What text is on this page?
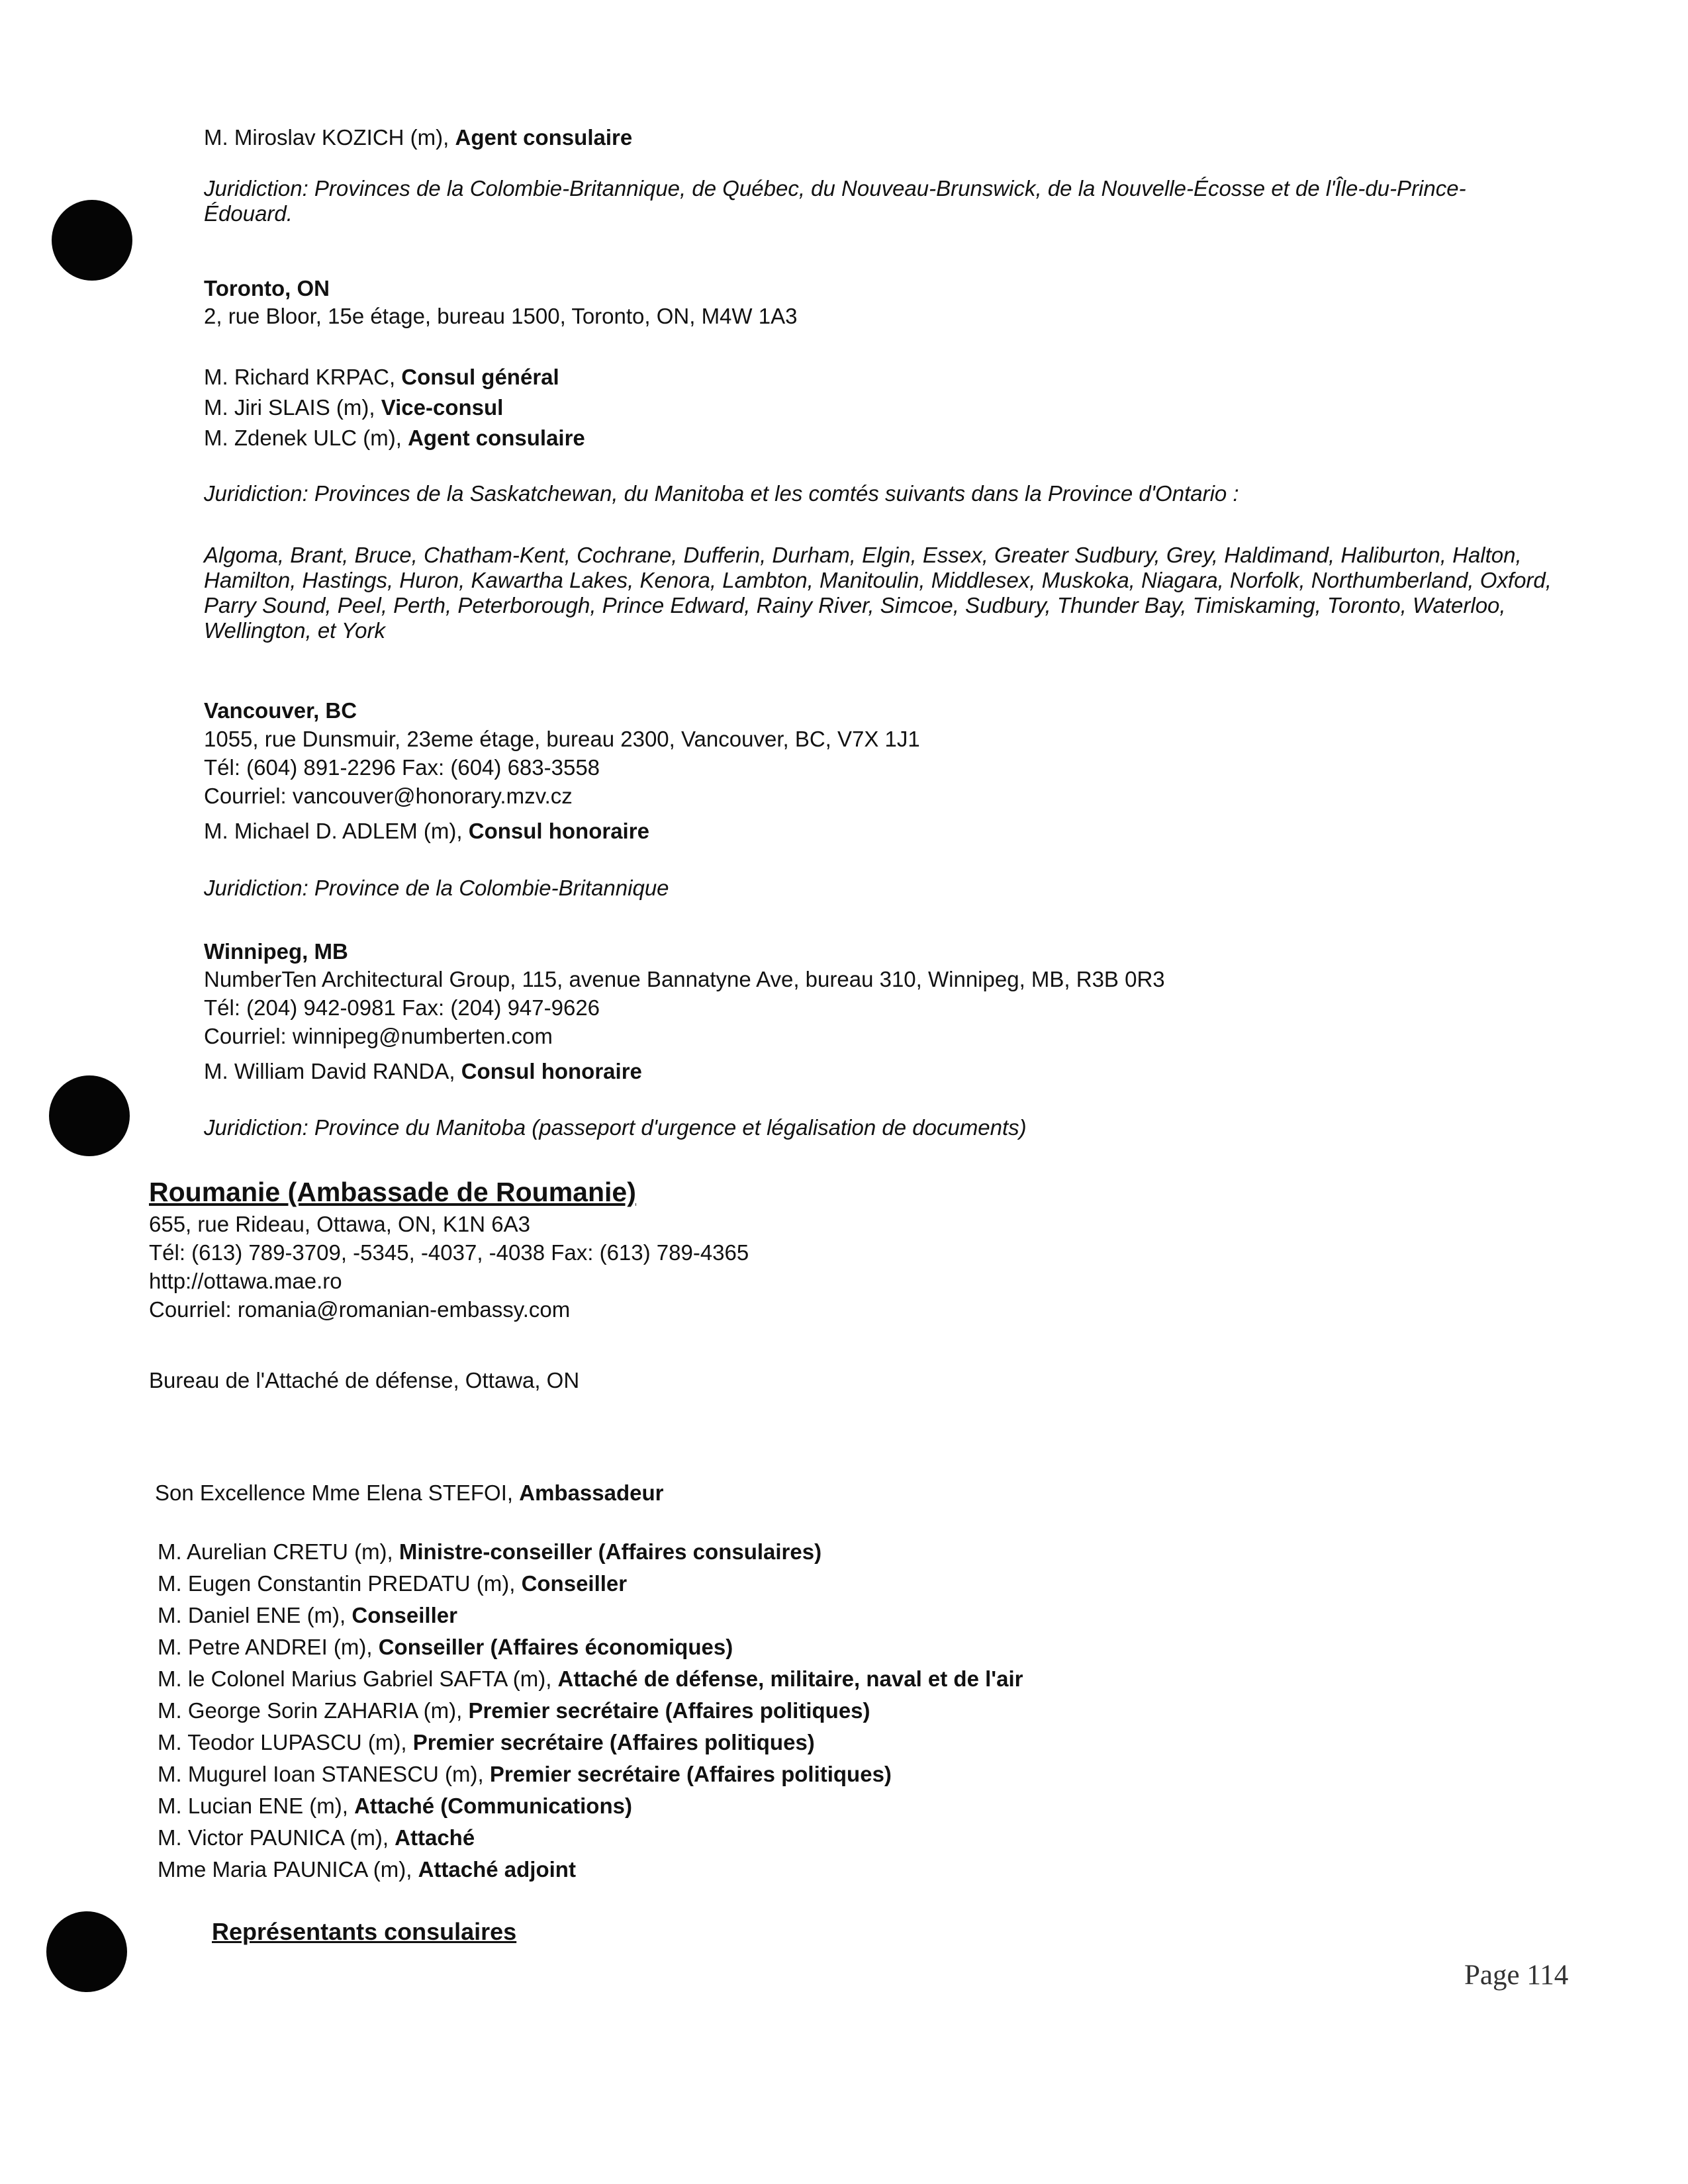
M. Miroslav KOZICH (m), Agent consulaire
Juridiction: Provinces de la Colombie-Britannique, de Québec, du Nouveau-Brunswick, de la Nouvelle-Écosse et de l'Île-du-Prince-Édouard.
Toronto, ON
2, rue Bloor, 15e étage, bureau 1500, Toronto, ON, M4W 1A3
M. Richard KRPAC, Consul général
M. Jiri SLAIS (m), Vice-consul
M. Zdenek ULC (m), Agent consulaire
Juridiction: Provinces de la Saskatchewan, du Manitoba et les comtés suivants dans la Province d'Ontario :
Algoma, Brant, Bruce, Chatham-Kent, Cochrane, Dufferin, Durham, Elgin, Essex, Greater Sudbury, Grey, Haldimand, Haliburton, Halton, Hamilton, Hastings, Huron, Kawartha Lakes, Kenora, Lambton, Manitoulin, Middlesex, Muskoka, Niagara, Norfolk, Northumberland, Oxford, Parry Sound, Peel, Perth, Peterborough, Prince Edward, Rainy River, Simcoe, Sudbury, Thunder Bay, Timiskaming, Toronto, Waterloo, Wellington, et York
Vancouver, BC
1055, rue Dunsmuir, 23eme étage, bureau 2300, Vancouver, BC, V7X 1J1
Tél: (604) 891-2296 Fax: (604) 683-3558
Courriel: vancouver@honorary.mzv.cz
M. Michael D. ADLEM (m), Consul honoraire
Juridiction: Province de la Colombie-Britannique
Winnipeg, MB
NumberTen Architectural Group, 115, avenue Bannatyne Ave, bureau 310, Winnipeg, MB, R3B 0R3
Tél: (204) 942-0981 Fax: (204) 947-9626
Courriel: winnipeg@numberten.com
M. William David RANDA, Consul honoraire
Juridiction: Province du Manitoba (passeport d'urgence et légalisation de documents)
Roumanie (Ambassade de Roumanie)
655, rue Rideau, Ottawa, ON, K1N 6A3
Tél: (613) 789-3709, -5345, -4037, -4038 Fax: (613) 789-4365
http://ottawa.mae.ro
Courriel: romania@romanian-embassy.com
Bureau de l'Attaché de défense, Ottawa, ON
Son Excellence Mme Elena STEFOI, Ambassadeur
M. Aurelian CRETU (m), Ministre-conseiller (Affaires consulaires)
M. Eugen Constantin PREDATU (m), Conseiller
M. Daniel ENE (m), Conseiller
M. Petre ANDREI (m), Conseiller (Affaires économiques)
M. le Colonel Marius Gabriel SAFTA (m), Attaché de défense, militaire, naval et de l'air
M. George Sorin ZAHARIA (m), Premier secrétaire (Affaires politiques)
M. Teodor LUPASCU (m), Premier secrétaire (Affaires politiques)
M. Mugurel Ioan STANESCU (m), Premier secrétaire (Affaires politiques)
M. Lucian ENE (m), Attaché (Communications)
M. Victor PAUNICA (m), Attaché
Mme Maria PAUNICA (m), Attaché adjoint
Représentants consulaires
Page 114
